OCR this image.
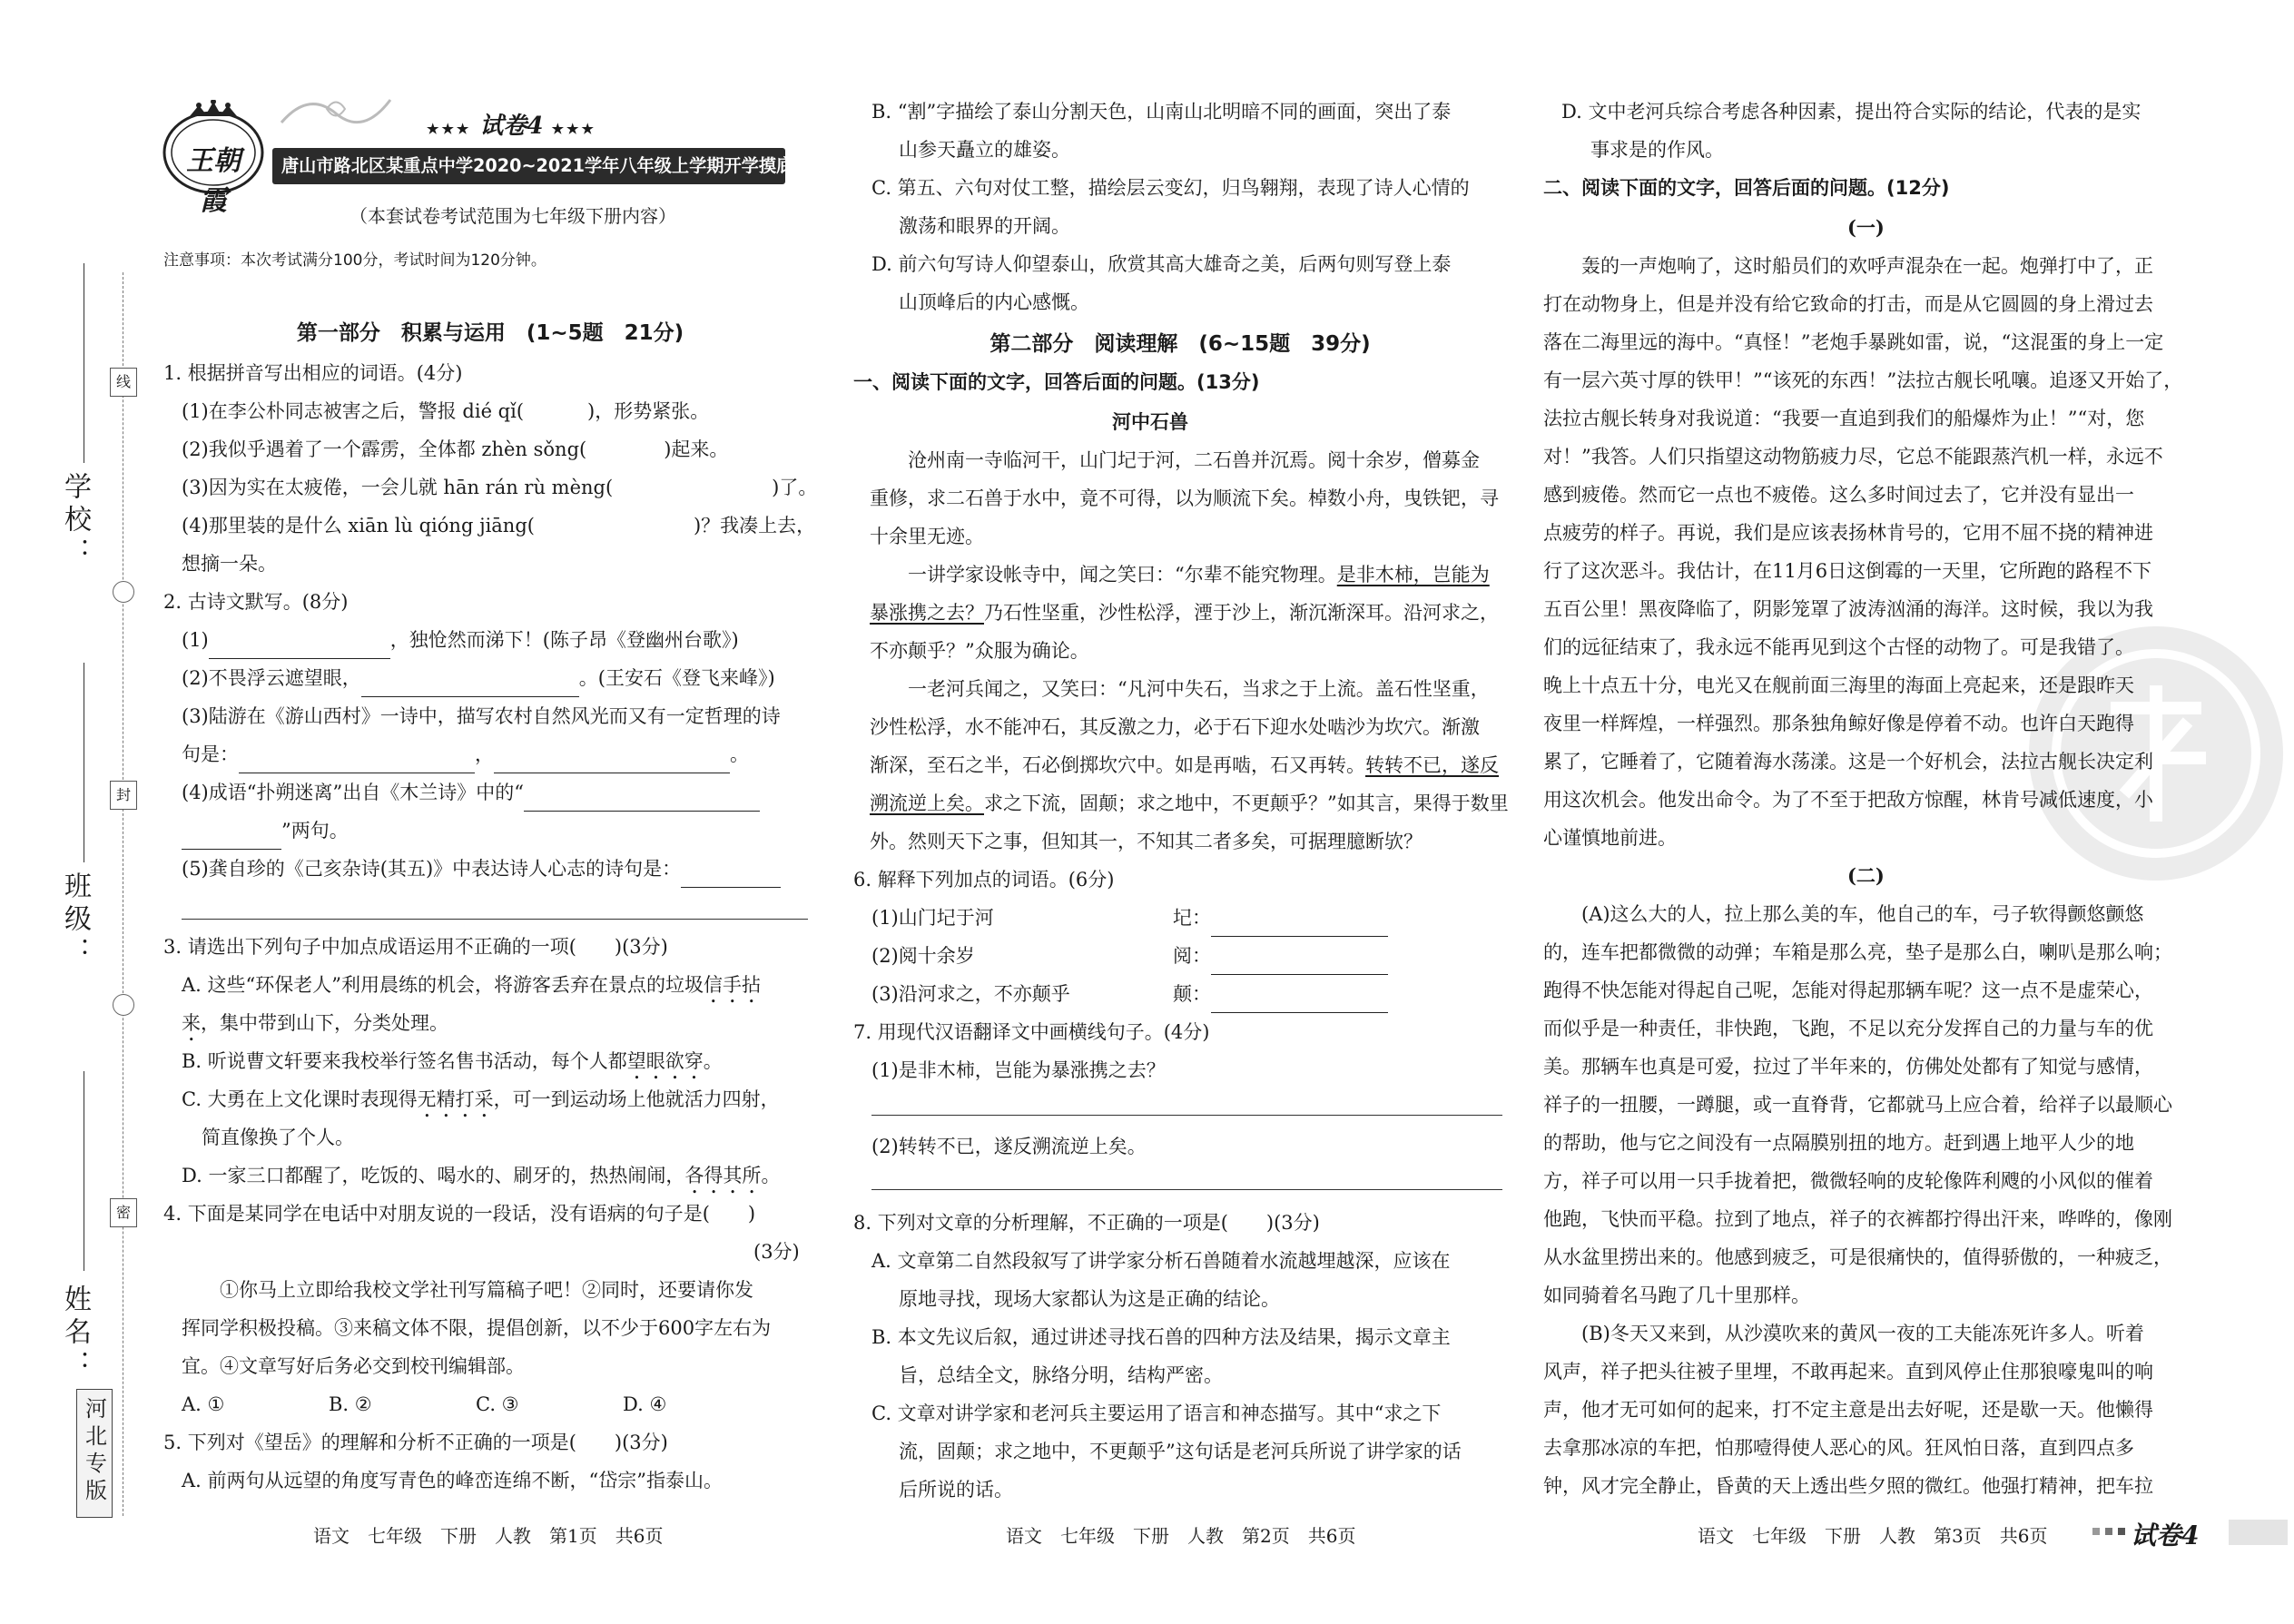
线
封
密
学校：
班级：
姓名：
河北专版
王朝霞
★★★ 试卷4 ★★★
唐山市路北区某重点中学2020~2021学年八年级上学期开学摸底考试试卷
（本套试卷考试范围为七年级下册内容）
注意事项：本次考试满分100分，考试时间为120分钟。
第一部分　积累与运用　(1~5题　21分)
1. 根据拼音写出相应的词语。(4分)
(1)在李公朴同志被害之后，警报 dié qǐ(	)，形势紧张。
(2)我似乎遇着了一个霹雳，全体都 zhèn sǒng(	)起来。
(3)因为实在太疲倦，一会儿就 hān rán rù mèng(	)了。
(4)那里装的是什么 xiān lù qióng jiāng(	)？我凑上去，
想摘一朵。
2. 古诗文默写。(8分)
(1)	，独怆然而涕下！(陈子昂《登幽州台歌》)
(2)不畏浮云遮望眼，	。(王安石《登飞来峰》)
(3)陆游在《游山西村》一诗中，描写农村自然风光而又有一定哲理的诗
句是：	，	。
(4)成语“扑朔迷离”出自《木兰诗》中的“
”两句。
(5)龚自珍的《己亥杂诗(其五)》中表达诗人心志的诗句是：
3. 请选出下列句子中加点成语运用不正确的一项(　　)(3分)
A. 这些“环保老人”利用晨练的机会，将游客丢弃在景点的垃圾信手拈
来，集中带到山下，分类处理。
B. 听说曹文轩要来我校举行签名售书活动，每个人都望眼欲穿。
C. 大勇在上文化课时表现得无精打采，可一到运动场上他就活力四射，
简直像换了个人。
D. 一家三口都醒了，吃饭的、喝水的、刷牙的，热热闹闹，各得其所。
4. 下面是某同学在电话中对朋友说的一段话，没有语病的句子是(　　)
(3分)
①你马上立即给我校文学社刊写篇稿子吧！②同时，还要请你发
挥同学积极投稿。③来稿文体不限，提倡创新，以不少于600字左右为
宜。④文章写好后务必交到校刊编辑部。
A. ①	B. ②	C. ③	D. ④
5. 下列对《望岳》的理解和分析不正确的一项是(　　)(3分)
A. 前两句从远望的角度写青色的峰峦连绵不断，“岱宗”指泰山。
语文　七年级　下册　人教　第1页　共6页
B. “割”字描绘了泰山分割天色，山南山北明暗不同的画面，突出了泰
山参天矗立的雄姿。
C. 第五、六句对仗工整，描绘层云变幻，归鸟翱翔，表现了诗人心情的
激荡和眼界的开阔。
D. 前六句写诗人仰望泰山，欣赏其高大雄奇之美，后两句则写登上泰
山顶峰后的内心感慨。
第二部分　阅读理解　(6~15题　39分)
一、阅读下面的文字，回答后面的问题。(13分)
河中石兽
沧州南一寺临河干，山门圮于河，二石兽并沉焉。阅十余岁，僧募金
重修，求二石兽于水中，竟不可得，以为顺流下矣。棹数小舟，曳铁钯，寻
十余里无迹。
一讲学家设帐寺中，闻之笑曰：“尔辈不能究物理。是非木柿，岂能为
暴涨携之去？乃石性坚重，沙性松浮，湮于沙上，渐沉渐深耳。沿河求之，
不亦颠乎？”众服为确论。
一老河兵闻之，又笑曰：“凡河中失石，当求之于上流。盖石性坚重，
沙性松浮，水不能冲石，其反激之力，必于石下迎水处啮沙为坎穴。渐激
渐深，至石之半，石必倒掷坎穴中。如是再啮，石又再转。转转不已，遂反
溯流逆上矣。求之下流，固颠；求之地中，不更颠乎？”如其言，果得于数里
外。然则天下之事，但知其一，不知其二者多矣，可据理臆断欤？
6. 解释下列加点的词语。(6分)
(1)山门圮于河	圮：
(2)阅十余岁	阅：
(3)沿河求之，不亦颠乎	颠：
7. 用现代汉语翻译文中画横线句子。(4分)
(1)是非木柿，岂能为暴涨携之去？
(2)转转不已，遂反溯流逆上矣。
8. 下列对文章的分析理解，不正确的一项是(　　)(3分)
A. 文章第二自然段叙写了讲学家分析石兽随着水流越埋越深，应该在
原地寻找，现场大家都认为这是正确的结论。
B. 本文先议后叙，通过讲述寻找石兽的四种方法及结果，揭示文章主
旨，总结全文，脉络分明，结构严密。
C. 文章对讲学家和老河兵主要运用了语言和神态描写。其中“求之下
流，固颠；求之地中，不更颠乎”这句话是老河兵所说了讲学家的话
后所说的话。
语文　七年级　下册　人教　第2页　共6页
D. 文中老河兵综合考虑各种因素，提出符合实际的结论，代表的是实
事求是的作风。
二、阅读下面的文字，回答后面的问题。(12分)
(一)
轰的一声炮响了，这时船员们的欢呼声混杂在一起。炮弹打中了，正
打在动物身上，但是并没有给它致命的打击，而是从它圆圆的身上滑过去
落在二海里远的海中。“真怪！”老炮手暴跳如雷，说，“这混蛋的身上一定
有一层六英寸厚的铁甲！”“该死的东西！”法拉古舰长吼嚷。追逐又开始了，
法拉古舰长转身对我说道：“我要一直追到我们的船爆炸为止！”“对，您
对！”我答。人们只指望这动物筋疲力尽，它总不能跟蒸汽机一样，永远不
感到疲倦。然而它一点也不疲倦。这么多时间过去了，它并没有显出一
点疲劳的样子。再说，我们是应该表扬林肯号的，它用不屈不挠的精神进
行了这次恶斗。我估计，在11月6日这倒霉的一天里，它所跑的路程不下
五百公里！黑夜降临了，阴影笼罩了波涛汹涌的海洋。这时候，我以为我
们的远征结束了，我永远不能再见到这个古怪的动物了。可是我错了。
晚上十点五十分，电光又在舰前面三海里的海面上亮起来，还是跟昨天
夜里一样辉煌，一样强烈。那条独角鲸好像是停着不动。也许白天跑得
累了，它睡着了，它随着海水荡漾。这是一个好机会，法拉古舰长决定利
用这次机会。他发出命令。为了不至于把敌方惊醒，林肯号减低速度，小
心谨慎地前进。
(二)
(A)这么大的人，拉上那么美的车，他自己的车，弓子软得颤悠颤悠
的，连车把都微微的动弹；车箱是那么亮，垫子是那么白，喇叭是那么响；
跑得不快怎能对得起自己呢，怎能对得起那辆车呢？这一点不是虚荣心，
而似乎是一种责任，非快跑，飞跑，不足以充分发挥自己的力量与车的优
美。那辆车也真是可爱，拉过了半年来的，仿佛处处都有了知觉与感情，
祥子的一扭腰，一蹲腿，或一直脊背，它都就马上应合着，给祥子以最顺心
的帮助，他与它之间没有一点隔膜别扭的地方。赶到遇上地平人少的地
方，祥子可以用一只手拢着把，微微轻响的皮轮像阵利飕的小风似的催着
他跑，飞快而平稳。拉到了地点，祥子的衣裤都拧得出汗来，哗哗的，像刚
从水盆里捞出来的。他感到疲乏，可是很痛快的，值得骄傲的，一种疲乏，
如同骑着名马跑了几十里那样。
(B)冬天又来到，从沙漠吹来的黄风一夜的工夫能冻死许多人。听着
风声，祥子把头往被子里埋，不敢再起来。直到风停止住那狼嚎鬼叫的响
声，他才无可如何的起来，打不定主意是出去好呢，还是歇一天。他懒得
去拿那冰凉的车把，怕那噎得使人恶心的风。狂风怕日落，直到四点多
钟，风才完全静止，昏黄的天上透出些夕照的微红。他强打精神，把车拉
语文　七年级　下册　人教　第3页　共6页	试卷4
